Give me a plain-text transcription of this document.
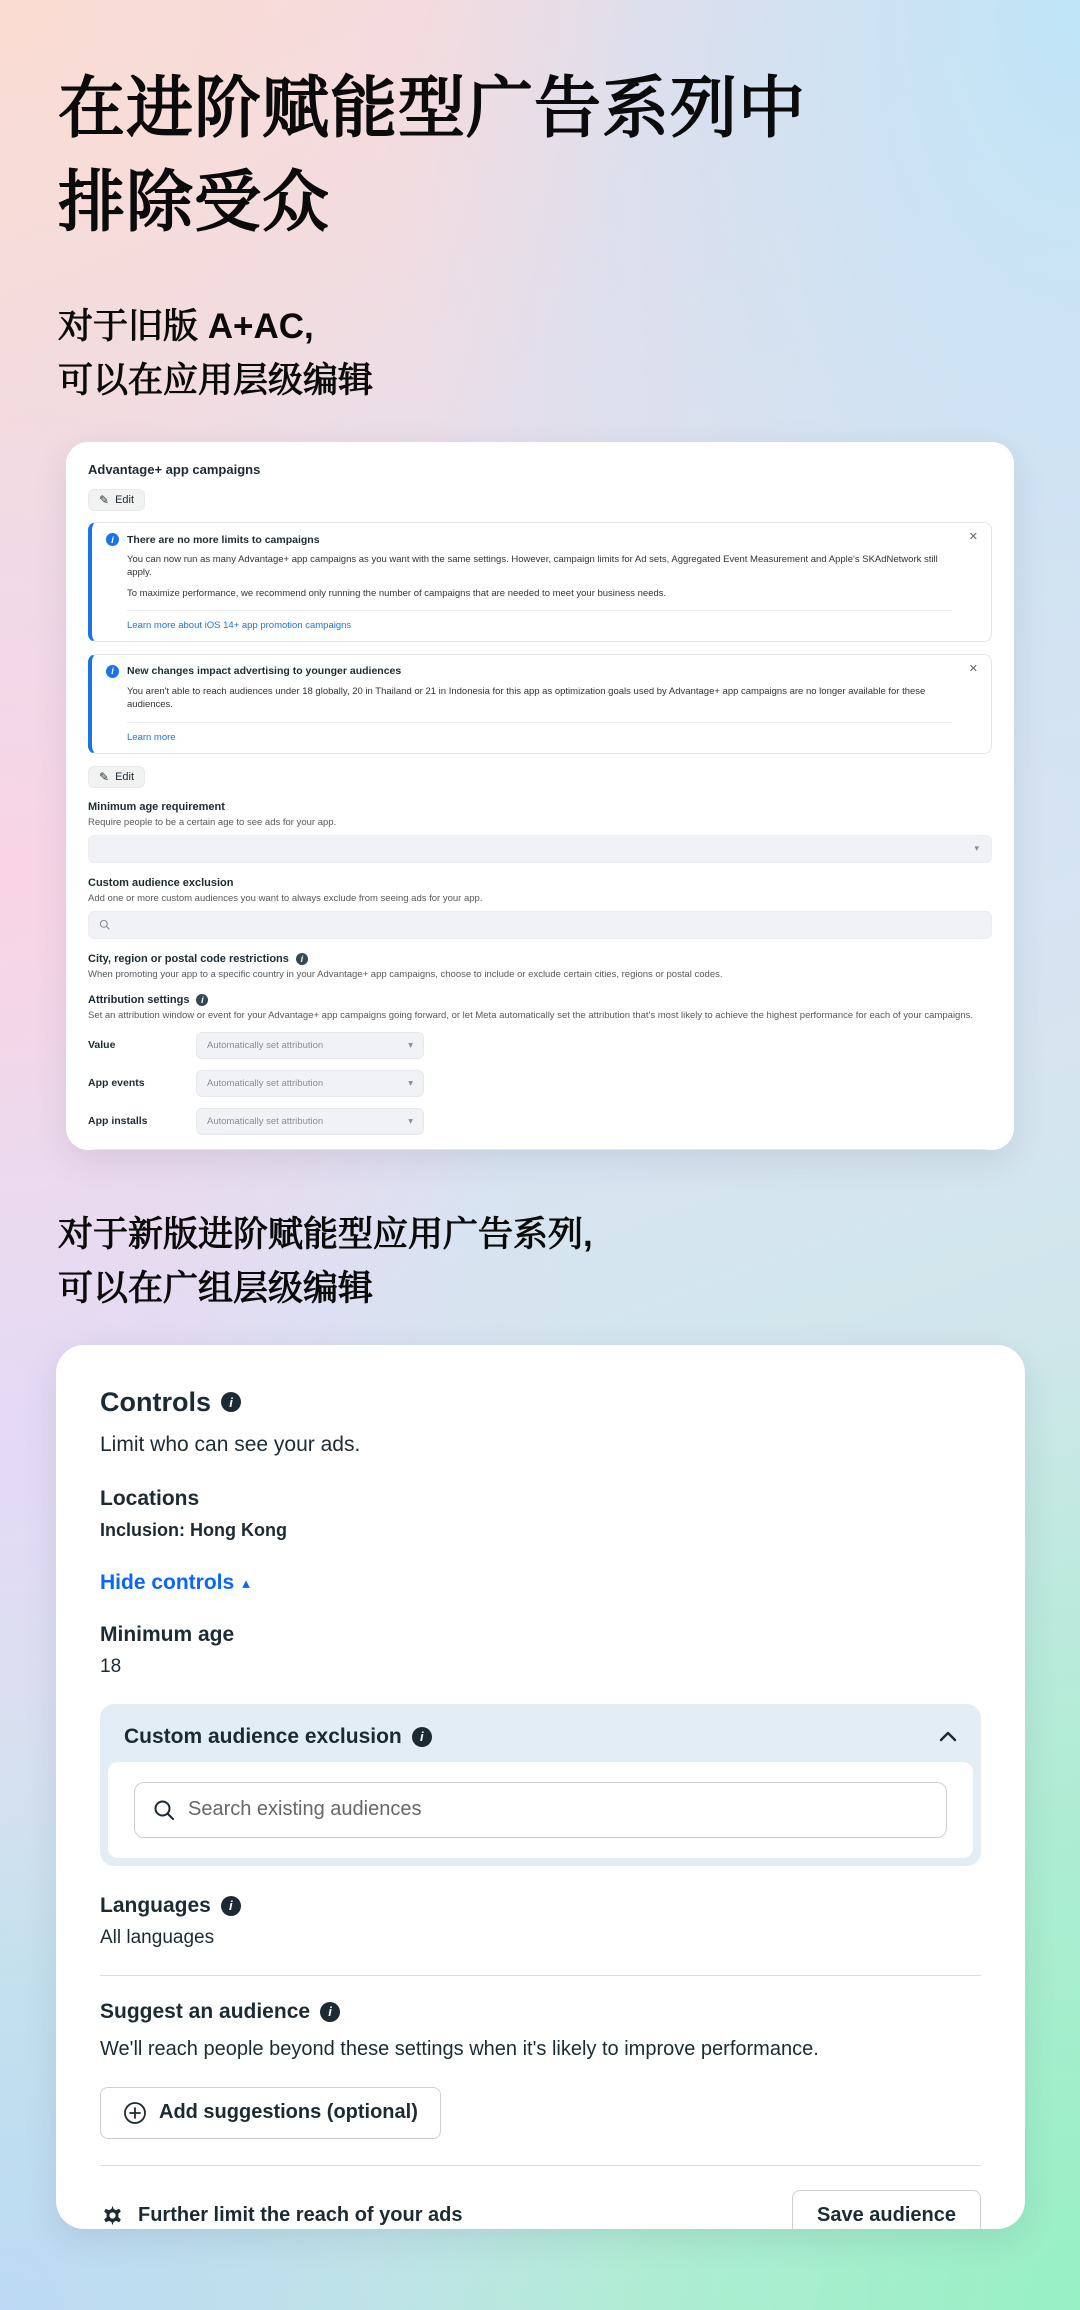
在进阶赋能型广告系列中
排除受众
对于旧版 A+AC,
可以在应用层级编辑
Advantage+ app campaigns
✎ Edit
i	There are no more limits to campaigns

You can now run as many Advantage+ app campaigns as you want with the same settings. However, campaign limits for Ad sets, Aggregated Event Measurement and Apple's SKAdNetwork still apply.

To maximize performance, we recommend only running the number of campaigns that are needed to meet your business needs.

Learn more about iOS 14+ app promotion campaigns
✕
i	New changes impact advertising to younger audiences

You aren't able to reach audiences under 18 globally, 20 in Thailand or 21 in Indonesia for this app as optimization goals used by Advantage+ app campaigns are no longer available for these audiences.

Learn more
✕
✎ Edit
Minimum age requirement
Require people to be a certain age to see ads for your app.
▾
Custom audience exclusion
Add one or more custom audiences you want to always exclude from seeing ads for your app.
City, region or postal code restrictions i
When promoting your app to a specific country in your Advantage+ app campaigns, choose to include or exclude certain cities, regions or postal codes.
Attribution settings i
Set an attribution window or event for your Advantage+ app campaigns going forward, or let Meta automatically set the attribution that's most likely to achieve the highest performance for each of your campaigns.
Value	Automatically set attribution	▾
App events	Automatically set attribution	▾
App installs	Automatically set attribution	▾

对于新版进阶赋能型应用广告系列,
可以在广组层级编辑
Controls	i
Limit who can see your ads.
Locations
Inclusion: Hong Kong
Hide controls ▴
Minimum age
18
Custom audience exclusion	i
Search existing audiences
Languages	i
All languages
Suggest an audience	i
We'll reach people beyond these settings when it's likely to improve performance.
Add suggestions (optional)
Further limit the reach of your ads	Save audience
